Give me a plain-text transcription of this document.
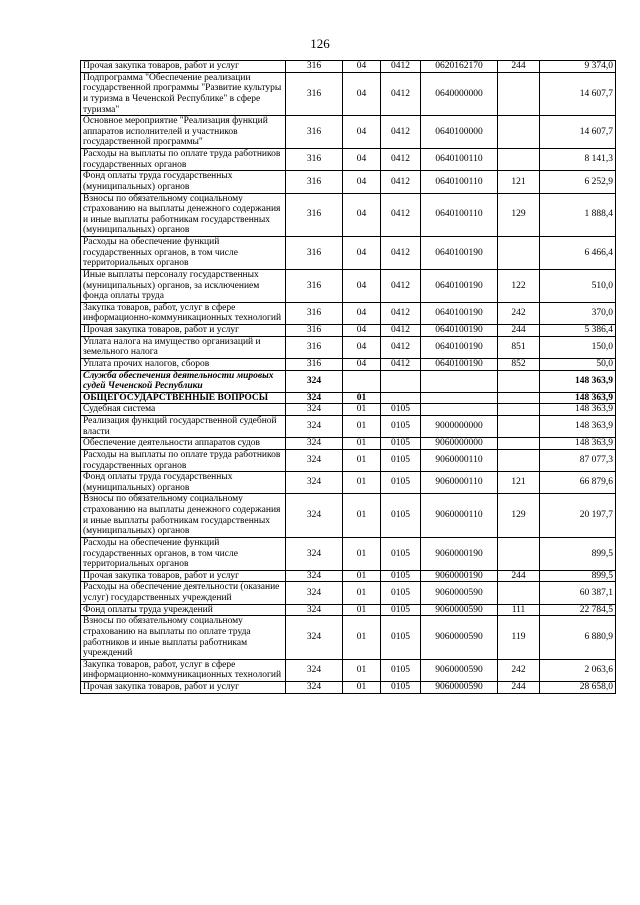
126
Прочая закупка товаров, работ и услуг	316	04	0412	0620162170	244	9 374,0
Подпрограмма "Обеспечение реализации государственной программы "Развитие культуры и туризма в Чеченской Республике" в сфере туризма"	316	04	0412	0640000000		14 607,7
Основное мероприятие "Реализация функций аппаратов исполнителей и участников государственной программы"	316	04	0412	0640100000		14 607,7
Расходы на выплаты по оплате труда работников государственных органов	316	04	0412	0640100110		8 141,3
Фонд оплаты труда государственных (муниципальных) органов	316	04	0412	0640100110	121	6 252,9
Взносы по обязательному социальному страхованию на выплаты денежного содержания и иные выплаты работникам государственных (муниципальных) органов	316	04	0412	0640100110	129	1 888,4
Расходы на обеспечение функций государственных органов, в том числе территориальных органов	316	04	0412	0640100190		6 466,4
Иные выплаты персоналу государственных (муниципальных) органов, за исключением фонда оплаты труда	316	04	0412	0640100190	122	510,0
Закупка товаров, работ, услуг в сфере информационно-коммуникационных технологий	316	04	0412	0640100190	242	370,0
Прочая закупка товаров, работ и услуг	316	04	0412	0640100190	244	5 386,4
Уплата налога на имущество организаций и земельного налога	316	04	0412	0640100190	851	150,0
Уплата прочих налогов, сборов	316	04	0412	0640100190	852	50,0
Служба обеспечения деятельности мировых судей Чеченской Республики	324					148 363,9
ОБЩЕГОСУДАРСТВЕННЫЕ ВОПРОСЫ	324	01				148 363,9
Судебная система	324	01	0105			148 363,9
Реализация функций государственной судебной власти	324	01	0105	9000000000		148 363,9
Обеспечение деятельности аппаратов судов	324	01	0105	9060000000		148 363,9
Расходы на выплаты по оплате труда работников государственных органов	324	01	0105	9060000110		87 077,3
Фонд оплаты труда государственных (муниципальных) органов	324	01	0105	9060000110	121	66 879,6
Взносы по обязательному социальному страхованию на выплаты денежного содержания и иные выплаты работникам государственных (муниципальных) органов	324	01	0105	9060000110	129	20 197,7
Расходы на обеспечение функций государственных органов, в том числе территориальных органов	324	01	0105	9060000190		899,5
Прочая закупка товаров, работ и услуг	324	01	0105	9060000190	244	899,5
Расходы на обеспечение деятельности (оказание услуг) государственных учреждений	324	01	0105	9060000590		60 387,1
Фонд оплаты труда учреждений	324	01	0105	9060000590	111	22 784,5
Взносы по обязательному социальному страхованию на выплаты по оплате труда работников и иные выплаты работникам учреждений	324	01	0105	9060000590	119	6 880,9
Закупка товаров, работ, услуг в сфере информационно-коммуникационных технологий	324	01	0105	9060000590	242	2 063,6
Прочая закупка товаров, работ и услуг	324	01	0105	9060000590	244	28 658,0
